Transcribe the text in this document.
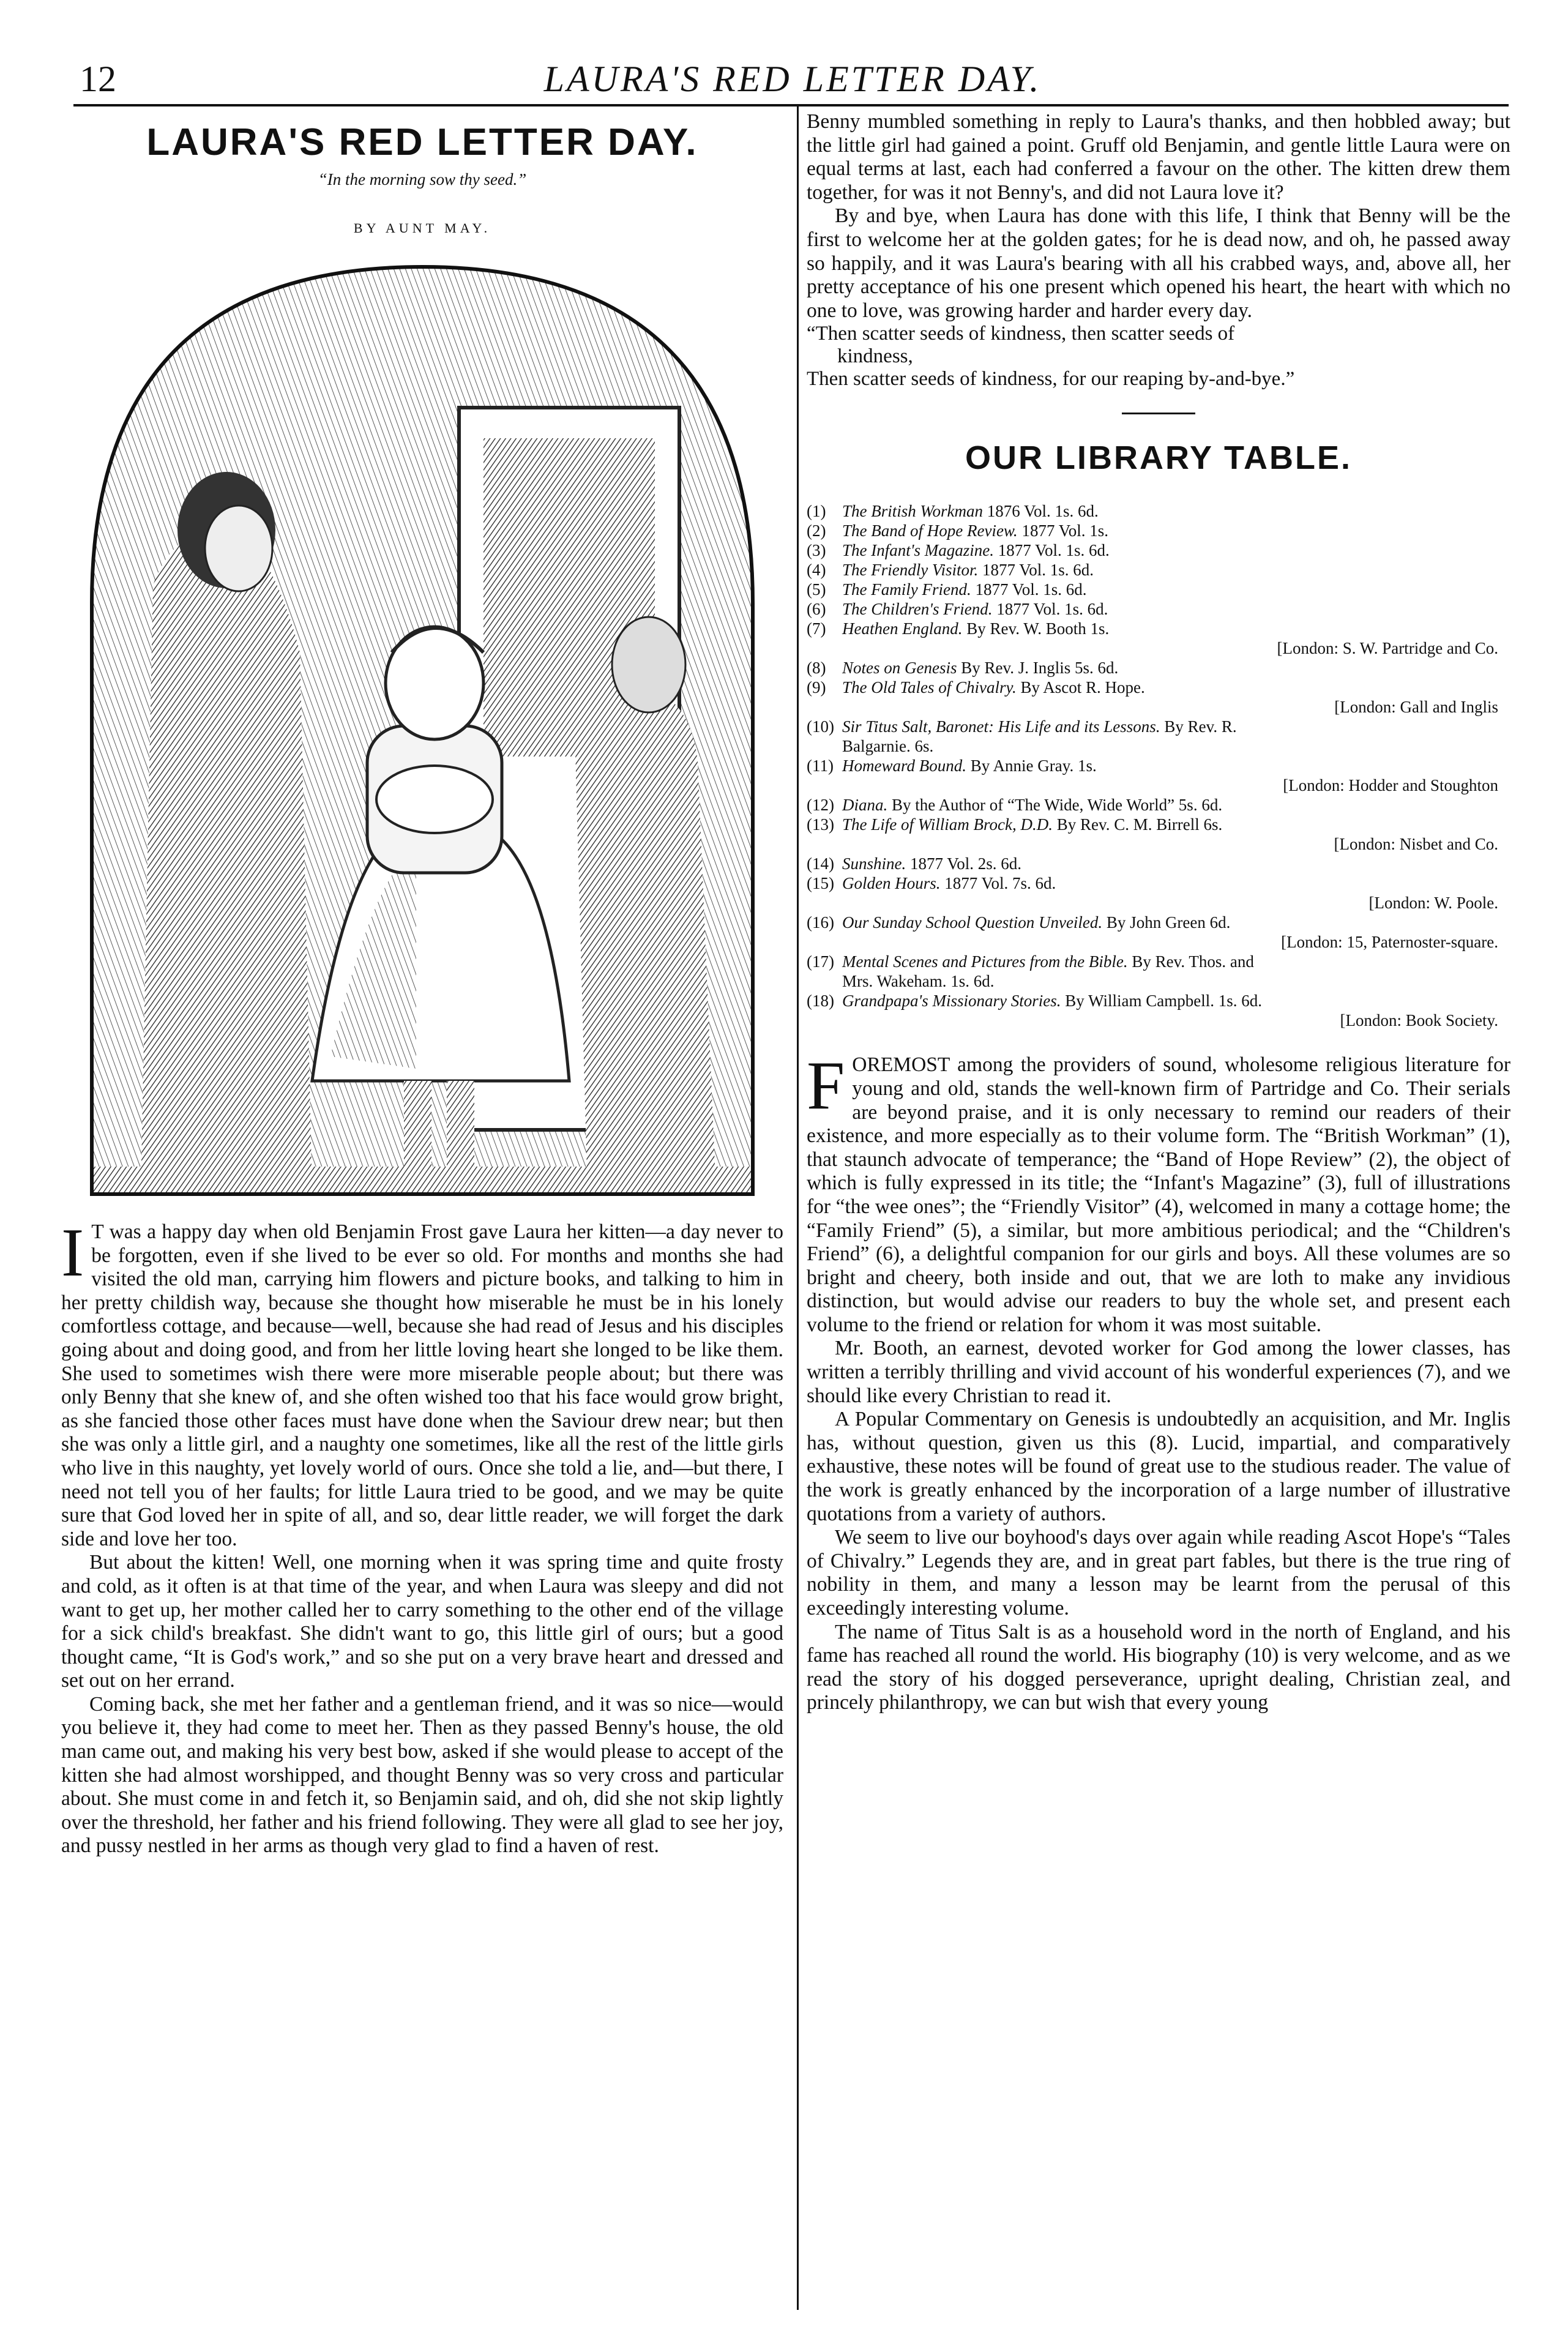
12	LAURA'S RED LETTER DAY.
LAURA'S RED LETTER DAY.
“In the morning sow thy seed.”
BY AUNT MAY.
I T was a happy day when old Benjamin Frost gave Laura her kitten—a day never to be forgotten, even if she lived to be ever so old. For months and months she had visited the old man, carrying him flowers and picture books, and talking to him in her pretty childish way, because she thought how miserable he must be in his lonely comfortless cottage, and because—well, because she had read of Jesus and his disciples going about and doing good, and from her little loving heart she longed to be like them. She used to sometimes wish there were more miserable people about; but there was only Benny that she knew of, and she often wished too that his face would grow bright, as she fancied those other faces must have done when the Saviour drew near; but then she was only a little girl, and a naughty one sometimes, like all the rest of the little girls who live in this naughty, yet lovely world of ours. Once she told a lie, and—but there, I need not tell you of her faults; for little Laura tried to be good, and we may be quite sure that God loved her in spite of all, and so, dear little reader, we will forget the dark side and love her too.

But about the kitten! Well, one morning when it was spring time and quite frosty and cold, as it often is at that time of the year, and when Laura was sleepy and did not want to get up, her mother called her to carry something to the other end of the village for a sick child's breakfast. She didn't want to go, this little girl of ours; but a good thought came, “It is God's work,” and so she put on a very brave heart and dressed and set out on her errand.

Coming back, she met her father and a gentleman friend, and it was so nice—would you believe it, they had come to meet her. Then as they passed Benny's house, the old man came out, and making his very best bow, asked if she would please to accept of the kitten she had almost worshipped, and thought Benny was so very cross and particular about. She must come in and fetch it, so Benjamin said, and oh, did she not skip lightly over the threshold, her father and his friend following. They were all glad to see her joy, and pussy nestled in her arms as though very glad to find a haven of rest.

Benny mumbled something in reply to Laura's thanks, and then hobbled away; but the little girl had gained a point. Gruff old Benjamin, and gentle little Laura were on equal terms at last, each had conferred a favour on the other. The kitten drew them together, for was it not Benny's, and did not Laura love it?

By and bye, when Laura has done with this life, I think that Benny will be the first to welcome her at the golden gates; for he is dead now, and oh, he passed away so happily, and it was Laura's bearing with all his crabbed ways, and, above all, her pretty acceptance of his one present which opened his heart, the heart with which no one to love, was growing harder and harder every day.

“Then scatter seeds of kindness, then scatter seeds of
kindness,
Then scatter seeds of kindness, for our reaping by-and-bye.”
OUR LIBRARY TABLE.
(1) The British Workman 1876 Vol. 1s. 6d.
(2) The Band of Hope Review. 1877 Vol. 1s.
(3) The Infant's Magazine. 1877 Vol. 1s. 6d.
(4) The Friendly Visitor. 1877 Vol. 1s. 6d.
(5) The Family Friend. 1877 Vol. 1s. 6d.
(6) The Children's Friend. 1877 Vol. 1s. 6d.
(7) Heathen England. By Rev. W. Booth 1s.
[London: S. W. Partridge and Co.
(8) Notes on Genesis By Rev. J. Inglis 5s. 6d.
(9) The Old Tales of Chivalry. By Ascot R. Hope.
[London: Gall and Inglis
(10) Sir Titus Salt, Baronet: His Life and its Lessons. By Rev. R.
Balgarnie. 6s.
(11) Homeward Bound. By Annie Gray. 1s.
[London: Hodder and Stoughton
(12) Diana. By the Author of “The Wide, Wide World” 5s. 6d.
(13) The Life of William Brock, D.D. By Rev. C. M. Birrell 6s.
[London: Nisbet and Co.
(14) Sunshine. 1877 Vol. 2s. 6d.
(15) Golden Hours. 1877 Vol. 7s. 6d.
[London: W. Poole.
(16) Our Sunday School Question Unveiled. By John Green 6d.
[London: 15, Paternoster-square.
(17) Mental Scenes and Pictures from the Bible. By Rev. Thos. and
Mrs. Wakeham. 1s. 6d.
(18) Grandpapa's Missionary Stories. By William Campbell. 1s. 6d.
[London: Book Society.
F OREMOST among the providers of sound, wholesome religious literature for young and old, stands the well-known firm of Partridge and Co. Their serials are beyond praise, and it is only necessary to remind our readers of their existence, and more especially as to their volume form. The “British Workman” (1), that staunch advocate of temperance; the “Band of Hope Review” (2), the object of which is fully expressed in its title; the “Infant's Magazine” (3), full of illustrations for “the wee ones”; the “Friendly Visitor” (4), welcomed in many a cottage home; the “Family Friend” (5), a similar, but more ambitious periodical; and the “Children's Friend” (6), a delightful companion for our girls and boys. All these volumes are so bright and cheery, both inside and out, that we are loth to make any invidious distinction, but would advise our readers to buy the whole set, and present each volume to the friend or relation for whom it was most suitable.

Mr. Booth, an earnest, devoted worker for God among the lower classes, has written a terribly thrilling and vivid account of his wonderful experiences (7), and we should like every Christian to read it.

A Popular Commentary on Genesis is undoubtedly an acquisition, and Mr. Inglis has, without question, given us this (8). Lucid, impartial, and comparatively exhaustive, these notes will be found of great use to the studious reader. The value of the work is greatly enhanced by the incorporation of a large number of illustrative quotations from a variety of authors.

We seem to live our boyhood's days over again while reading Ascot Hope's “Tales of Chivalry.” Legends they are, and in great part fables, but there is the true ring of nobility in them, and many a lesson may be learnt from the perusal of this exceedingly interesting volume.

The name of Titus Salt is as a household word in the north of England, and his fame has reached all round the world. His biography (10) is very welcome, and as we read the story of his dogged perseverance, upright dealing, Christian zeal, and princely philanthropy, we can but wish that every young
